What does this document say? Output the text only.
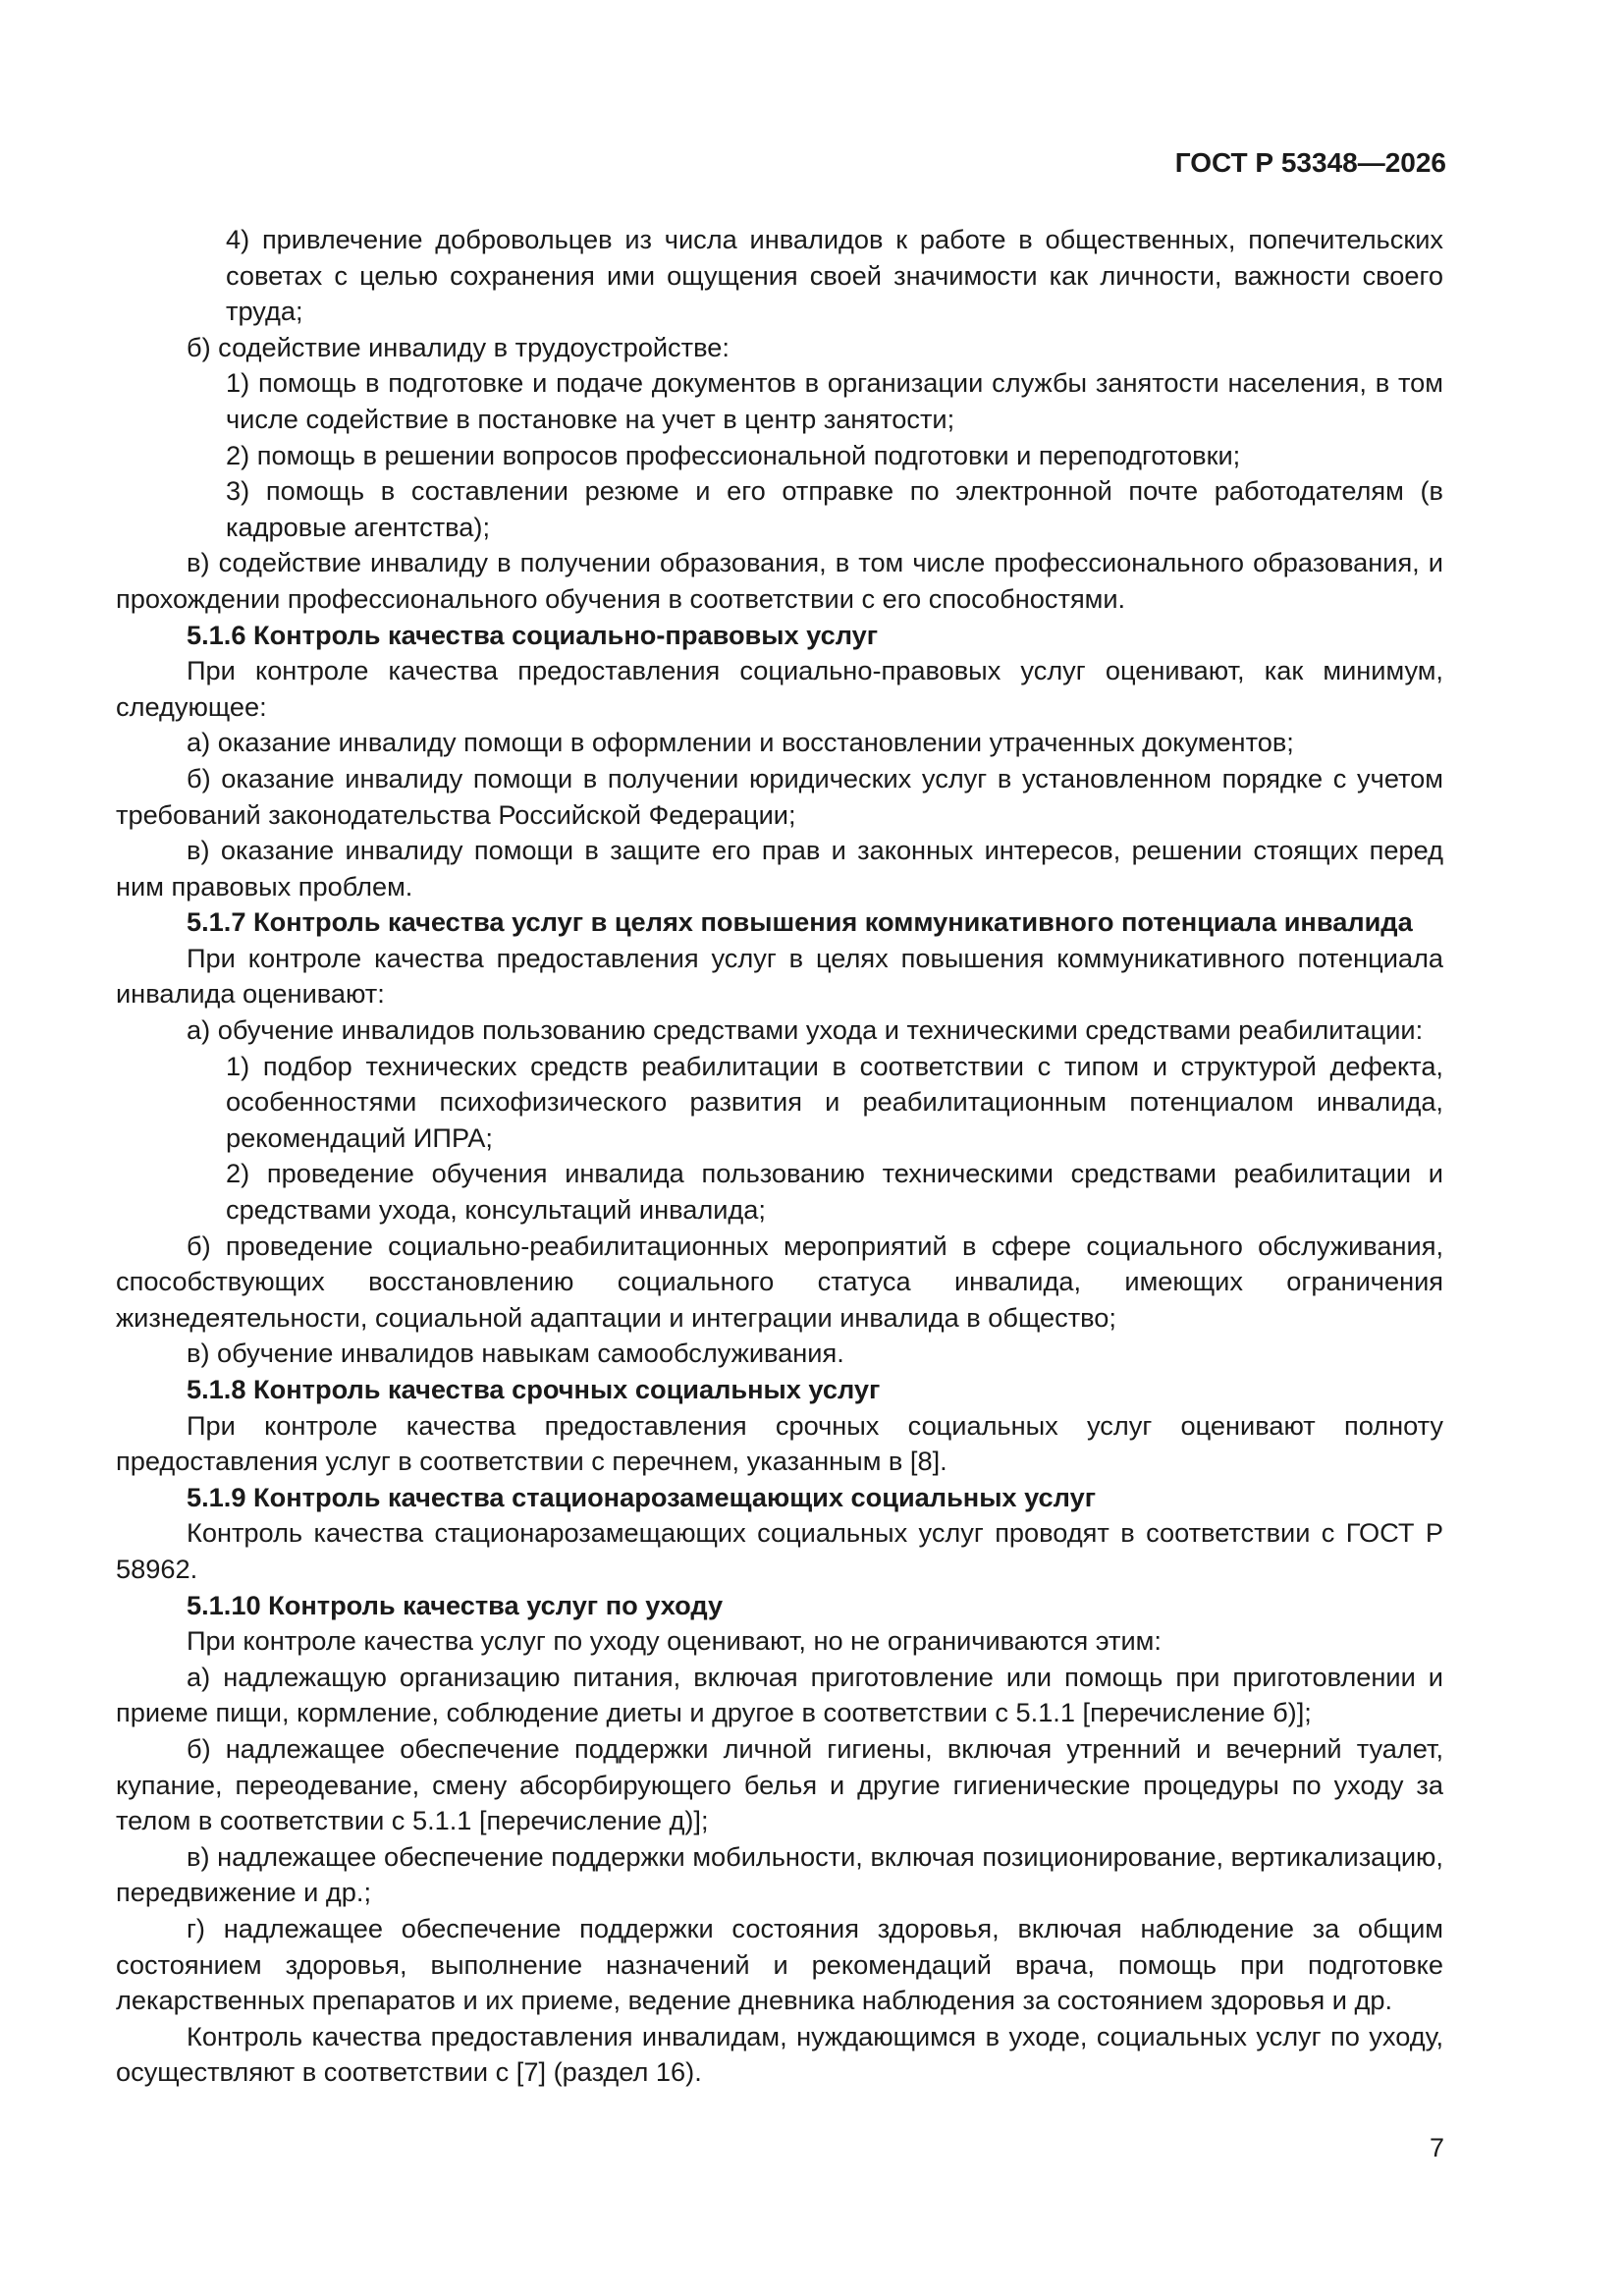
ГОСТ Р 53348—2026

4) привлечение добровольцев из числа инвалидов к работе в общественных, попечительских советах с целью сохранения ими ощущения своей значимости как личности, важности своего труда;

б) содействие инвалиду в трудоустройстве:

1) помощь в подготовке и подаче документов в организации службы занятости населения, в том числе содействие в постановке на учет в центр занятости;

2) помощь в решении вопросов профессиональной подготовки и переподготовки;

3) помощь в составлении резюме и его отправке по электронной почте работодателям (в кадровые агентства);

в) содействие инвалиду в получении образования, в том числе профессионального образования, и прохождении профессионального обучения в соответствии с его способностями.

5.1.6 Контроль качества социально-правовых услуг

При контроле качества предоставления социально-правовых услуг оценивают, как минимум, следующее:

а) оказание инвалиду помощи в оформлении и восстановлении утраченных документов;

б) оказание инвалиду помощи в получении юридических услуг в установленном порядке с учетом требований законодательства Российской Федерации;

в) оказание инвалиду помощи в защите его прав и законных интересов, решении стоящих перед ним правовых проблем.

5.1.7 Контроль качества услуг в целях повышения коммуникативного потенциала инвалида

При контроле качества предоставления услуг в целях повышения коммуникативного потенциала инвалида оценивают:

а) обучение инвалидов пользованию средствами ухода и техническими средствами реабилитации:

1) подбор технических средств реабилитации в соответствии с типом и структурой дефекта, особенностями психофизического развития и реабилитационным потенциалом инвалида, рекомендаций ИПРА;

2) проведение обучения инвалида пользованию техническими средствами реабилитации и средствами ухода, консультаций инвалида;

б) проведение социально-реабилитационных мероприятий в сфере социального обслуживания, способствующих восстановлению социального статуса инвалида, имеющих ограничения жизнедеятельности, социальной адаптации и интеграции инвалида в общество;

в) обучение инвалидов навыкам самообслуживания.

5.1.8 Контроль качества срочных социальных услуг

При контроле качества предоставления срочных социальных услуг оценивают полноту предоставления услуг в соответствии с перечнем, указанным в [8].

5.1.9 Контроль качества стационарозамещающих социальных услуг

Контроль качества стационарозамещающих социальных услуг проводят в соответствии с ГОСТ Р 58962.

5.1.10 Контроль качества услуг по уходу

При контроле качества услуг по уходу оценивают, но не ограничиваются этим:

а) надлежащую организацию питания, включая приготовление или помощь при приготовлении и приеме пищи, кормление, соблюдение диеты и другое в соответствии с 5.1.1 [перечисление б)];

б) надлежащее обеспечение поддержки личной гигиены, включая утренний и вечерний туалет, купание, переодевание, смену абсорбирующего белья и другие гигиенические процедуры по уходу за телом в соответствии с 5.1.1 [перечисление д)];

в) надлежащее обеспечение поддержки мобильности, включая позиционирование, вертикализацию, передвижение и др.;

г) надлежащее обеспечение поддержки состояния здоровья, включая наблюдение за общим состоянием здоровья, выполнение назначений и рекомендаций врача, помощь при подготовке лекарственных препаратов и их приеме, ведение дневника наблюдения за состоянием здоровья и др.

Контроль качества предоставления инвалидам, нуждающимся в уходе, социальных услуг по уходу, осуществляют в соответствии с [7] (раздел 16).

7
